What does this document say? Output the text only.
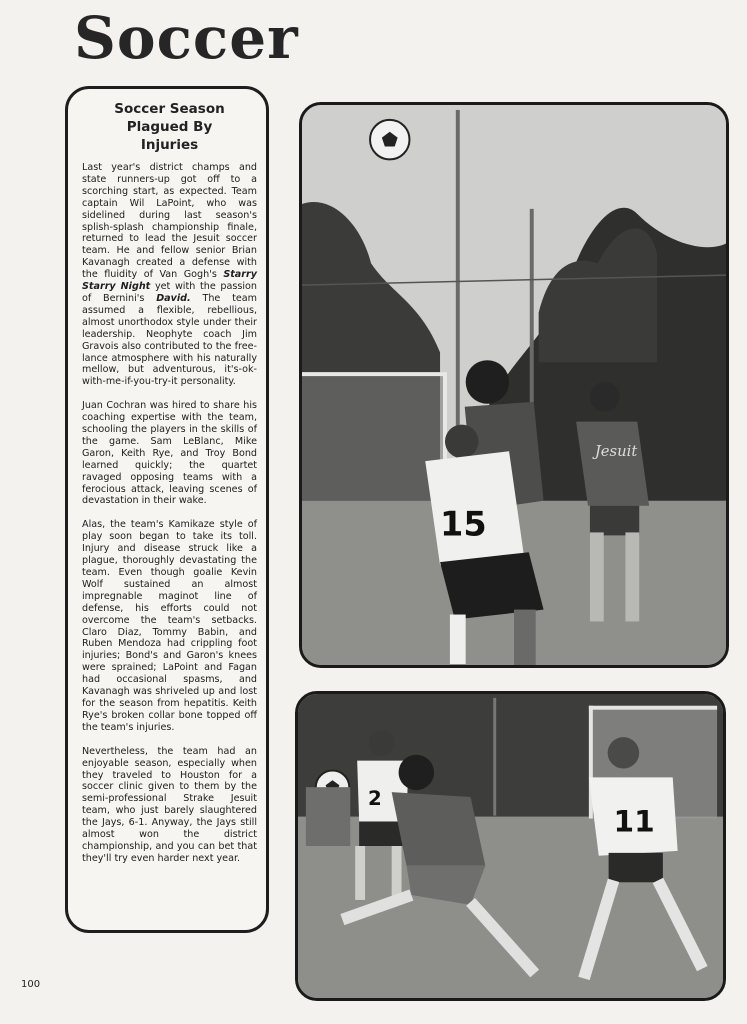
Soccer
Soccer Season
Plagued By
Injuries

Last year's district champs and state runners-up got off to a scorching start, as expected. Team captain Wil LaPoint, who was sidelined during last season's splish-splash championship finale, returned to lead the Jesuit soccer team. He and fellow senior Brian Kavanagh created a defense with the fluidity of Van Gogh's Starry Starry Night yet with the passion of Bernini's David. The team assumed a flexible, rebellious, almost unorthodox style under their leadership. Neophyte coach Jim Gravois also contributed to the free-lance atmosphere with his naturally mellow, but adventurous, it's-ok-with-me-if-you-try-it personality.

Juan Cochran was hired to share his coaching expertise with the team, schooling the players in the skills of the game. Sam LeBlanc, Mike Garon, Keith Rye, and Troy Bond learned quickly; the quartet ravaged opposing teams with a ferocious attack, leaving scenes of devastation in their wake.

Alas, the team's Kamikaze style of play soon began to take its toll. Injury and disease struck like a plague, thoroughly devastating the team. Even though goalie Kevin Wolf sustained an almost impregnable maginot line of defense, his efforts could not overcome the team's setbacks. Claro Diaz, Tommy Babin, and Ruben Mendoza had crippling foot injuries; Bond's and Garon's knees were sprained; LaPoint and Fagan had occasional spasms, and Kavanagh was shriveled up and lost for the season from hepatitis. Keith Rye's broken collar bone topped off the team's injuries.

Nevertheless, the team had an enjoyable season, especially when they traveled to Houston for a soccer clinic given to them by the semi-professional Strake Jesuit team, who just barely slaughtered the Jays, 6-1. Anyway, the Jays still almost won the district championship, and you can bet that they'll try even harder next year.

Jesuit
15
2
11
100
